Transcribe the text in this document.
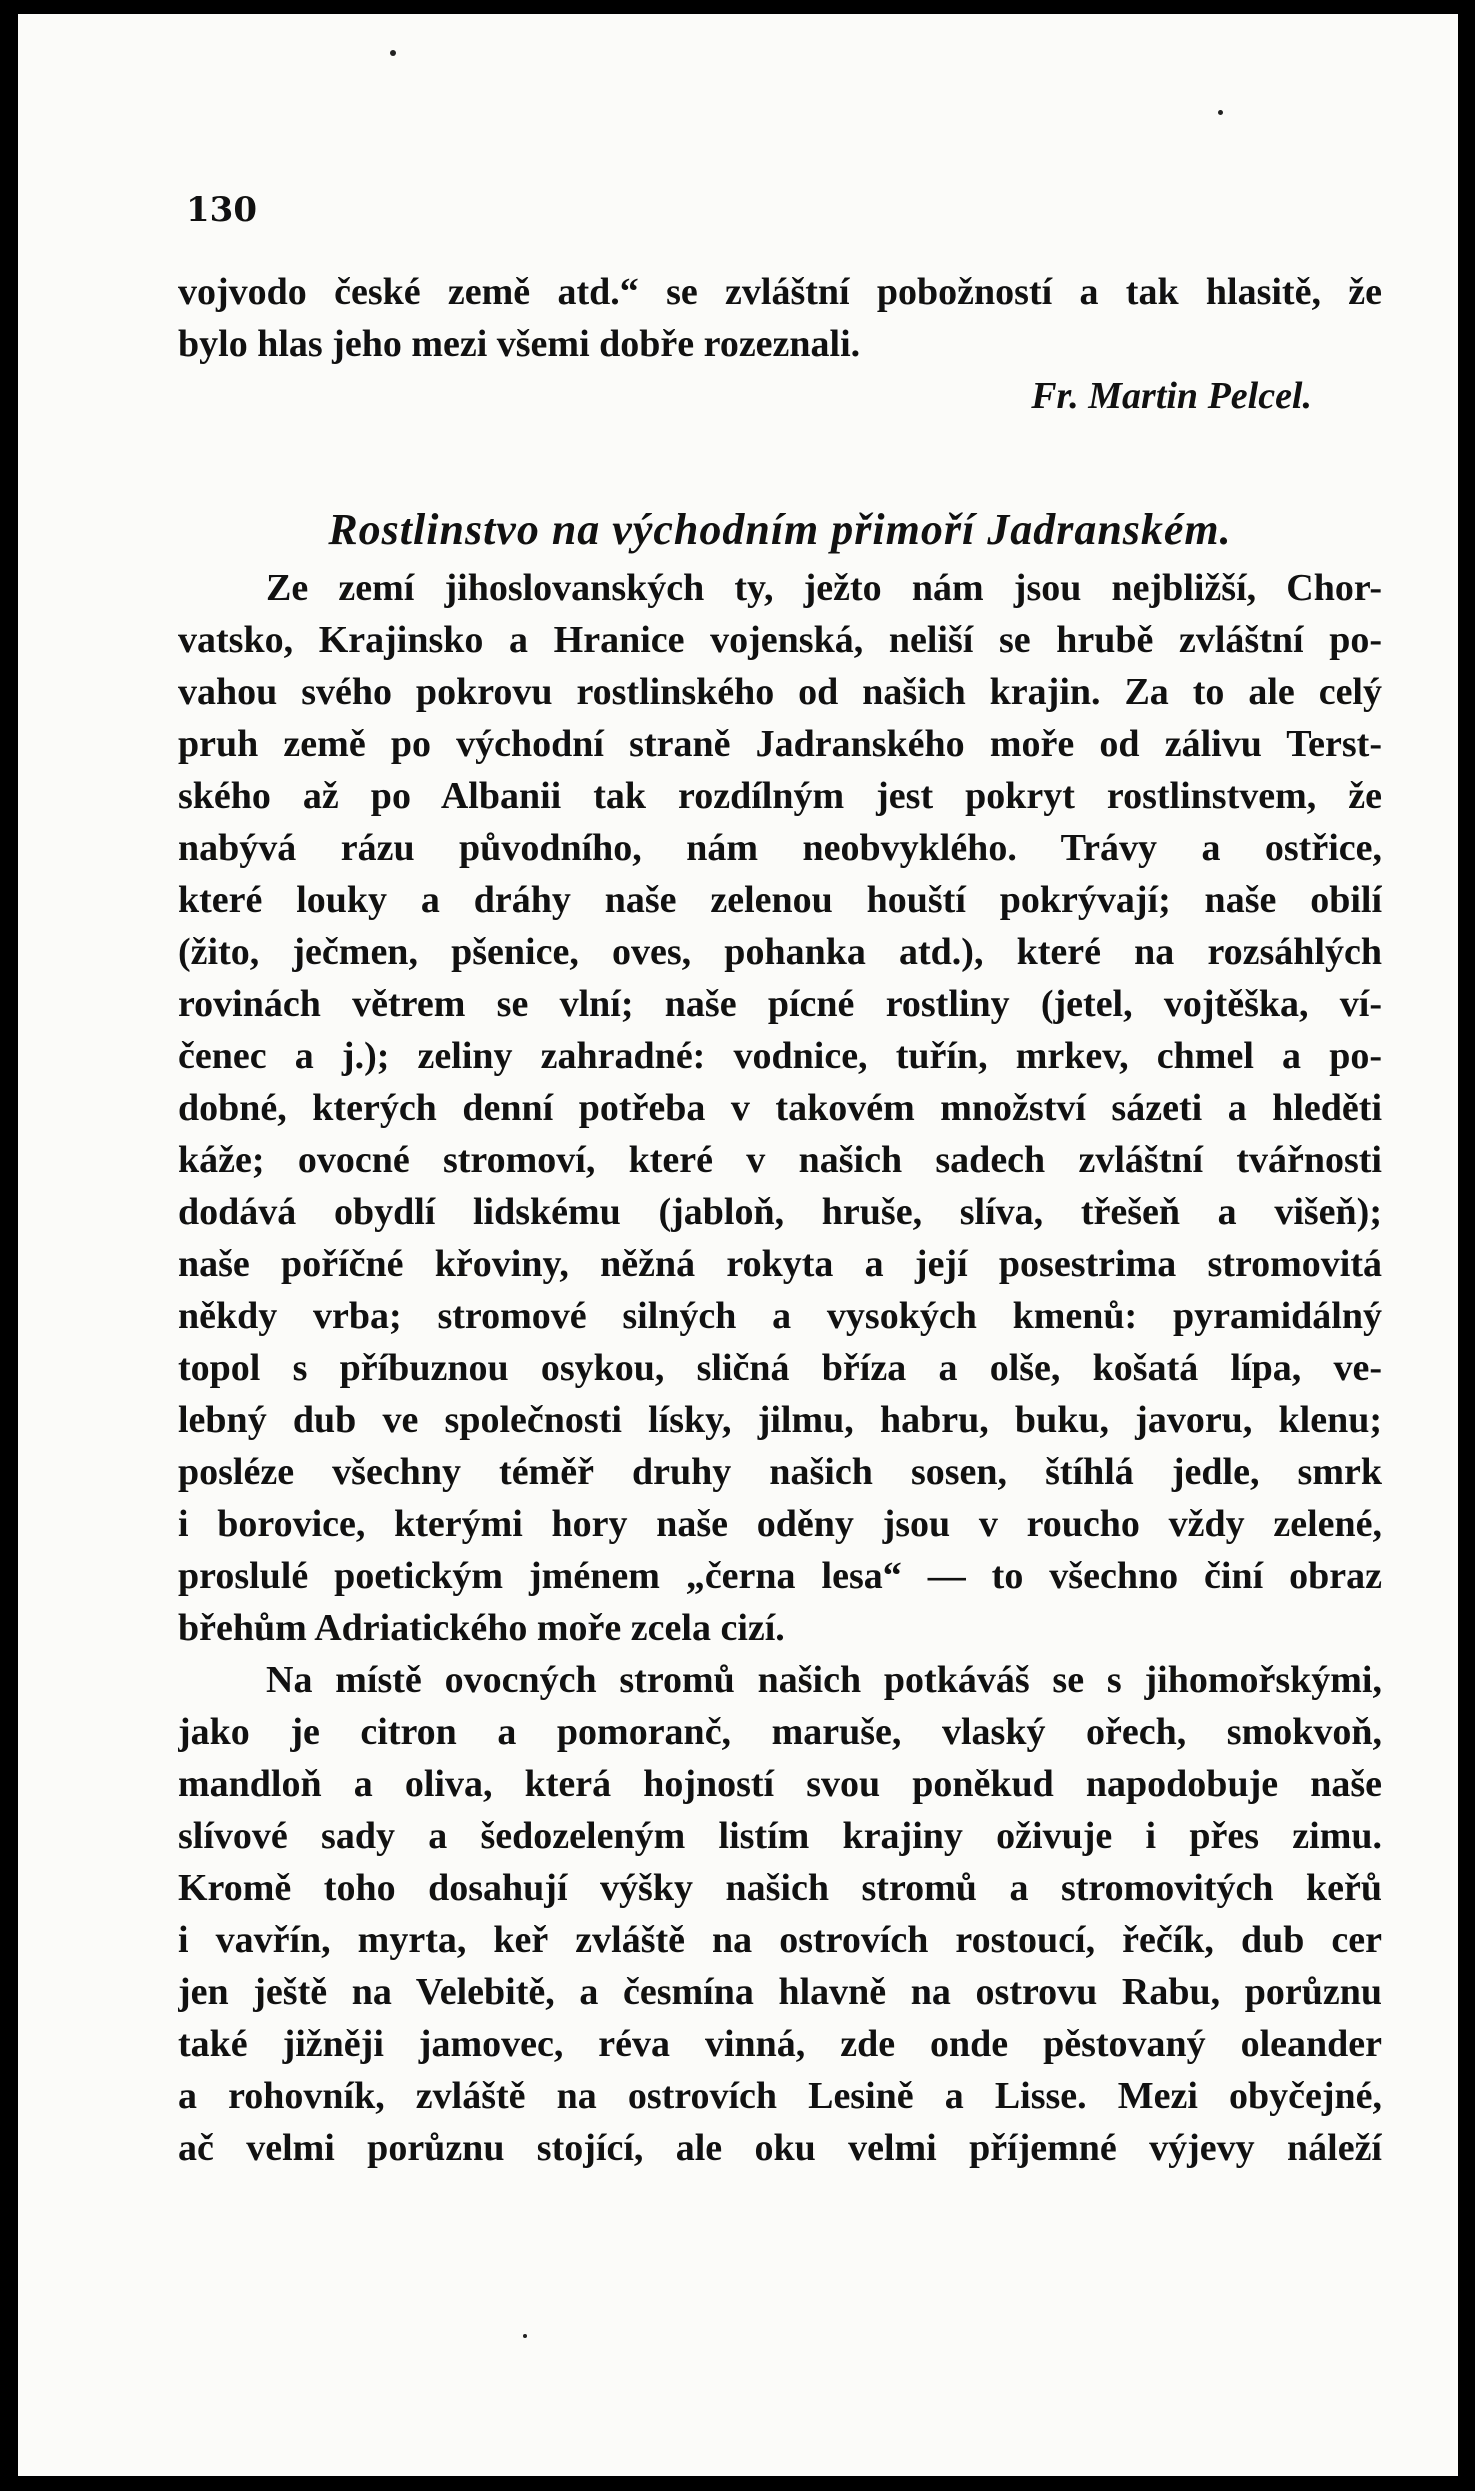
130
vojvodo české země atd.“ se zvláštní pobožností a tak hlasitě, že
bylo hlas jeho mezi všemi dobře rozeznali.
Fr. Martin Pelcel.
Rostlinstvo na východním přimoří Jadranském.
Ze zemí jihoslovanských ty, ježto nám jsou nejbližší, Chor-
vatsko, Krajinsko a Hranice vojenská, neliší se hrubě zvláštní po-
vahou svého pokrovu rostlinského od našich krajin. Za to ale celý
pruh země po východní straně Jadranského moře od zálivu Terst-
ského až po Albanii tak rozdílným jest pokryt rostlinstvem, že
nabývá rázu původního, nám neobvyklého. Trávy a ostřice,
které louky a dráhy naše zelenou houští pokrývají; naše obilí
(žito, ječmen, pšenice, oves, pohanka atd.), které na rozsáhlých
rovinách větrem se vlní; naše pícné rostliny (jetel, vojtěška, ví-
čenec a j.); zeliny zahradné: vodnice, tuřín, mrkev, chmel a po-
dobné, kterých denní potřeba v takovém množství sázeti a hleděti
káže; ovocné stromoví, které v našich sadech zvláštní tvářnosti
dodává obydlí lidskému (jabloň, hruše, slíva, třešeň a višeň);
naše poříčné křoviny, něžná rokyta a její posestrima stromovitá
někdy vrba; stromové silných a vysokých kmenů: pyramidálný
topol s příbuznou osykou, sličná bříza a olše, košatá lípa, ve-
lebný dub ve společnosti lísky, jilmu, habru, buku, javoru, klenu;
posléze všechny téměř druhy našich sosen, štíhlá jedle, smrk
i borovice, kterými hory naše oděny jsou v roucho vždy zelené,
proslulé poetickým jménem „černa lesa“ — to všechno činí obraz
břehům Adriatického moře zcela cizí.
Na místě ovocných stromů našich potkáváš se s jihomořskými,
jako je citron a pomoranč, maruše, vlaský ořech, smokvoň,
mandloň a oliva, která hojností svou poněkud napodobuje naše
slívové sady a šedozeleným listím krajiny oživuje i přes zimu.
Kromě toho dosahují výšky našich stromů a stromovitých keřů
i vavřín, myrta, keř zvláště na ostrovích rostoucí, řečík, dub cer
jen ještě na Velebitě, a česmína hlavně na ostrovu Rabu, porůznu
také jižněji jamovec, réva vinná, zde onde pěstovaný oleander
a rohovník, zvláště na ostrovích Lesině a Lisse. Mezi obyčejné,
ač velmi porůznu stojící, ale oku velmi příjemné výjevy náleží
